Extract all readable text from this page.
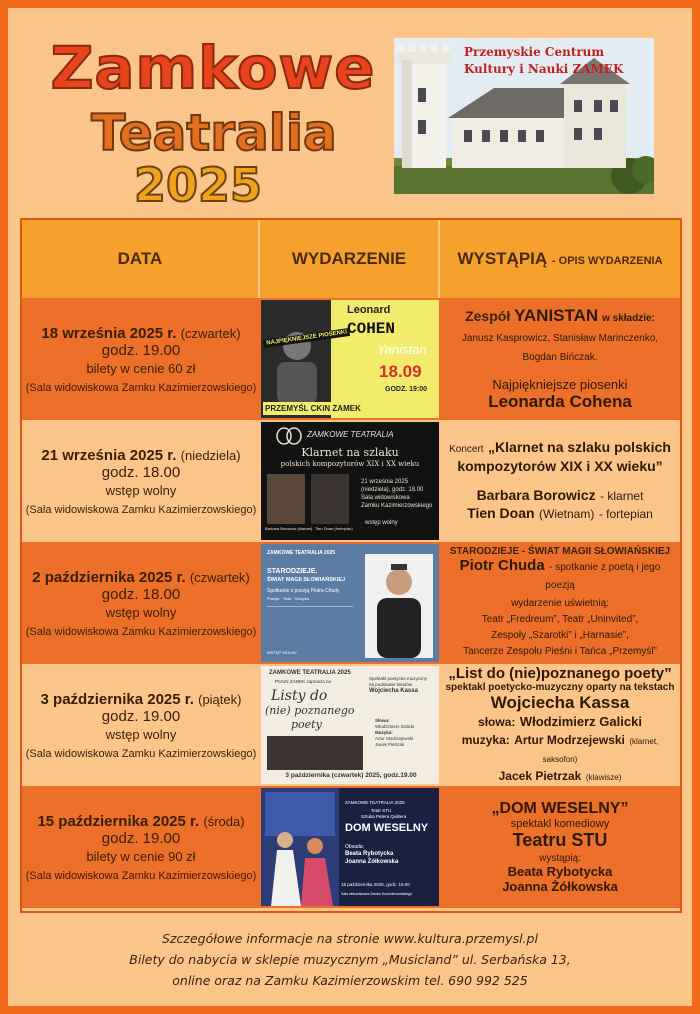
Zamkowe
Teatralia
2025
Przemyskie Centrum
Kultury i Nauki ZAMEK
DATA	WYDARZENIE	WYSTĄPIĄ - OPIS WYDARZENIA
18 września 2025 r. (czwartek)
godz. 19.00
bilety w cenie 60 zł
(Sala widowiskowa Zamku Kazimierzowskiego)
NAJPIĘKNIEJSZE PIOSENKI
Leonard
COHEN
Yanistan
18.09
GODZ. 19:00
PRZEMYŚL CKiN ZAMEK
Zespół YANISTAN w składzie:
Janusz Kasprowicz, Stanisław Marinczenko,
Bogdan Bińczak.
Najpiękniejsze piosenki
Leonarda Cohena
21 września 2025 r. (niedziela)
godz. 18.00
wstęp wolny
(Sala widowiskowa Zamku Kazimierzowskiego)
ZAMKOWE TEATRALIA
Klarnet na szlaku
polskich kompozytorów XIX i XX wieku
Barbara Borowicz (klarnet) Tien Doan (fortepian)
21 września 2025
(niedziela), godz. 18.00
Sala widowiskowa
Zamku Kazimierzowskiego
wstęp wolny
Koncert „Klarnet na szlaku polskich kompozytorów XIX i XX wieku”
Barbara Borowicz - klarnet
Tien Doan (Wietnam) - fortepian
2 października 2025 r. (czwartek)
godz. 18.00
wstęp wolny
(Sala widowiskowa Zamku Kazimierzowskiego)
ZAMKOWE TEATRALIA 2025
STARODZIEJE.
ŚWIAT MAGII SŁOWIAŃSKIEJ
Spotkanie z poezją Piotra Chudy
Poezja · Teatr · Muzyka
WSTĘP WOLNY
STARODZIEJE - ŚWIAT MAGII SŁOWIAŃSKIEJ
Piotr Chuda - spotkanie z poetą i jego poezją
wydarzenie uświetnią:
Teatr „Fredreum”, Teatr „Uninvited”,
Zespoły „Szarotki” i „Harnasie”,
Tancerze Zespołu Pieśni i Tańca „Przemyśl”
3 października 2025 r. (piątek)
godz. 19.00
wstęp wolny
(Sala widowiskowa Zamku Kazimierzowskiego)
ZAMKOWE TEATRALIA 2025
PCKiN ZAMEK zaprasza na
Listy do
(nie) poznanego
poety
Spektakl poetycko-muzyczny
na podstawie tekstów
Wojciecha Kassa
Słowa:
Włodzimierz Galicki
Muzyka:
Artur Modrzejewski
Jacek Pietrzak
3 października (czwartek) 2025, godz.19.00
„List do (nie)poznanego poety”
spektakl poetycko-muzyczny oparty na tekstach
Wojciecha Kassa
słowa: Włodzimierz Galicki
muzyka: Artur Modrzejewski (klarnet, saksofon)
Jacek Pietrzak (klawisze)
15 października 2025 r. (środa)
godz. 19.00
bilety w cenie 90 zł
(Sala widowiskowa Zamku Kazimierzowskiego)
ZAMKOWE TEATRALIA 2025
Teatr STU
Sztuka Petera Quiltera
DOM WESELNY
Obsada:
Beata Rybotycka
Joanna Żółkowska
15 października 2025, godz. 19.00
Sala widowiskowa Zamku Kazimierzowskiego
„DOM WESELNY”
spektakl komediowy
Teatru STU
wystąpią:
Beata Rybotycka
Joanna Żółkowska
Szczegółowe informacje na stronie www.kultura.przemysl.pl
Bilety do nabycia w sklepie muzycznym „Musicland” ul. Serbańska 13,
online oraz na Zamku Kazimierzowskim tel. 690 992 525
